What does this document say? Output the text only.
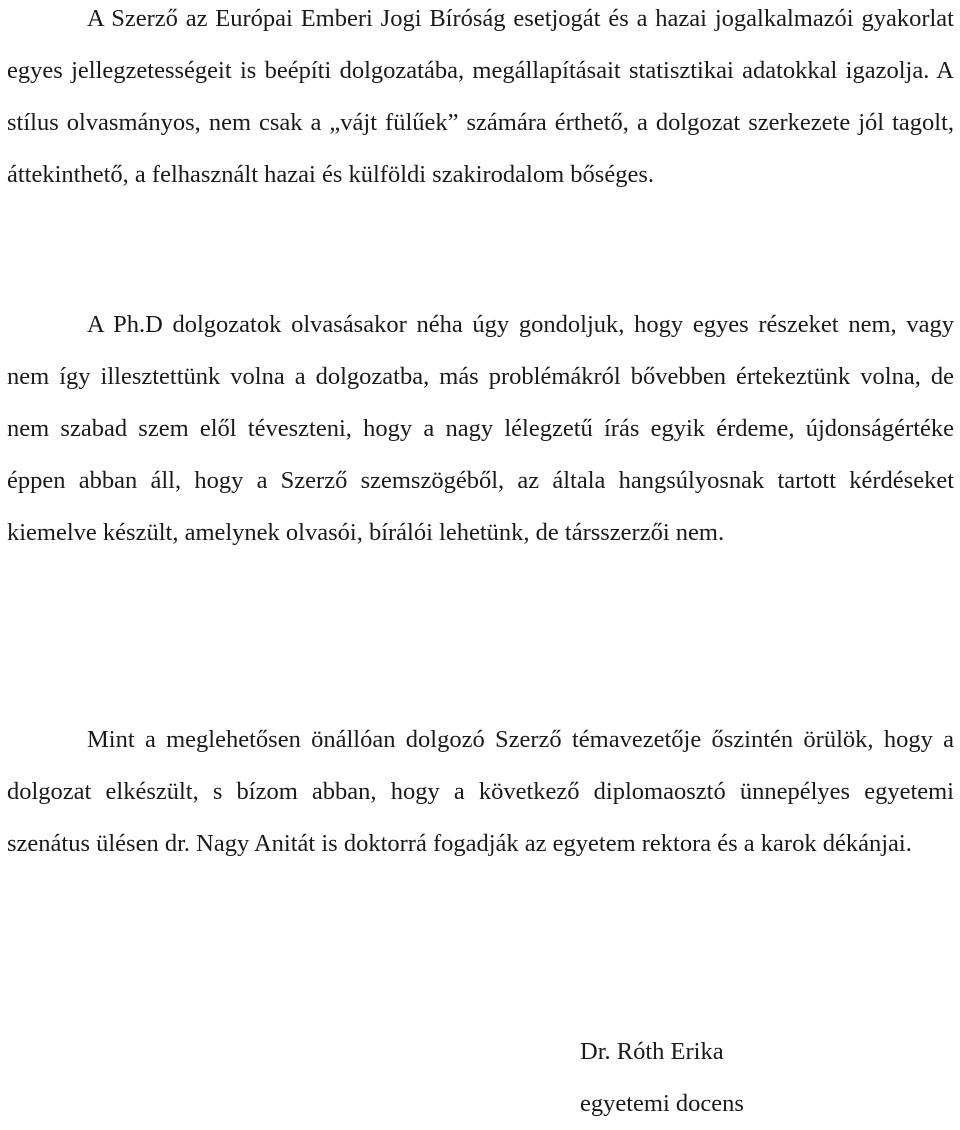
A Szerző az Európai Emberi Jogi Bíróság esetjogát és a hazai jogalkalmazói gyakorlat egyes jellegzetességeit is beépíti dolgozatába, megállapításait statisztikai adatokkal igazolja. A stílus olvasmányos, nem csak a „vájt fülűek” számára érthető, a dolgozat szerkezete jól tagolt, áttekinthető, a felhasznált hazai és külföldi szakirodalom bőséges.

A Ph.D dolgozatok olvasásakor néha úgy gondoljuk, hogy egyes részeket nem, vagy nem így illesztettünk volna a dolgozatba, más problémákról bővebben értekeztünk volna, de nem szabad szem elől téveszteni, hogy a nagy lélegzetű írás egyik érdeme, újdonságértéke éppen abban áll, hogy a Szerző szemszögéből, az általa hangsúlyosnak tartott kérdéseket kiemelve készült, amelynek olvasói, bírálói lehetünk, de társszerzői nem.

Mint a meglehetősen önállóan dolgozó Szerző témavezetője őszintén örülök, hogy a dolgozat elkészült, s bízom abban, hogy a következő diplomaosztó ünnepélyes egyetemi szenátus ülésen dr. Nagy Anitát is doktorrá fogadják az egyetem rektora és a karok dékánjai.

Dr. Róth Erika
egyetemi docens
